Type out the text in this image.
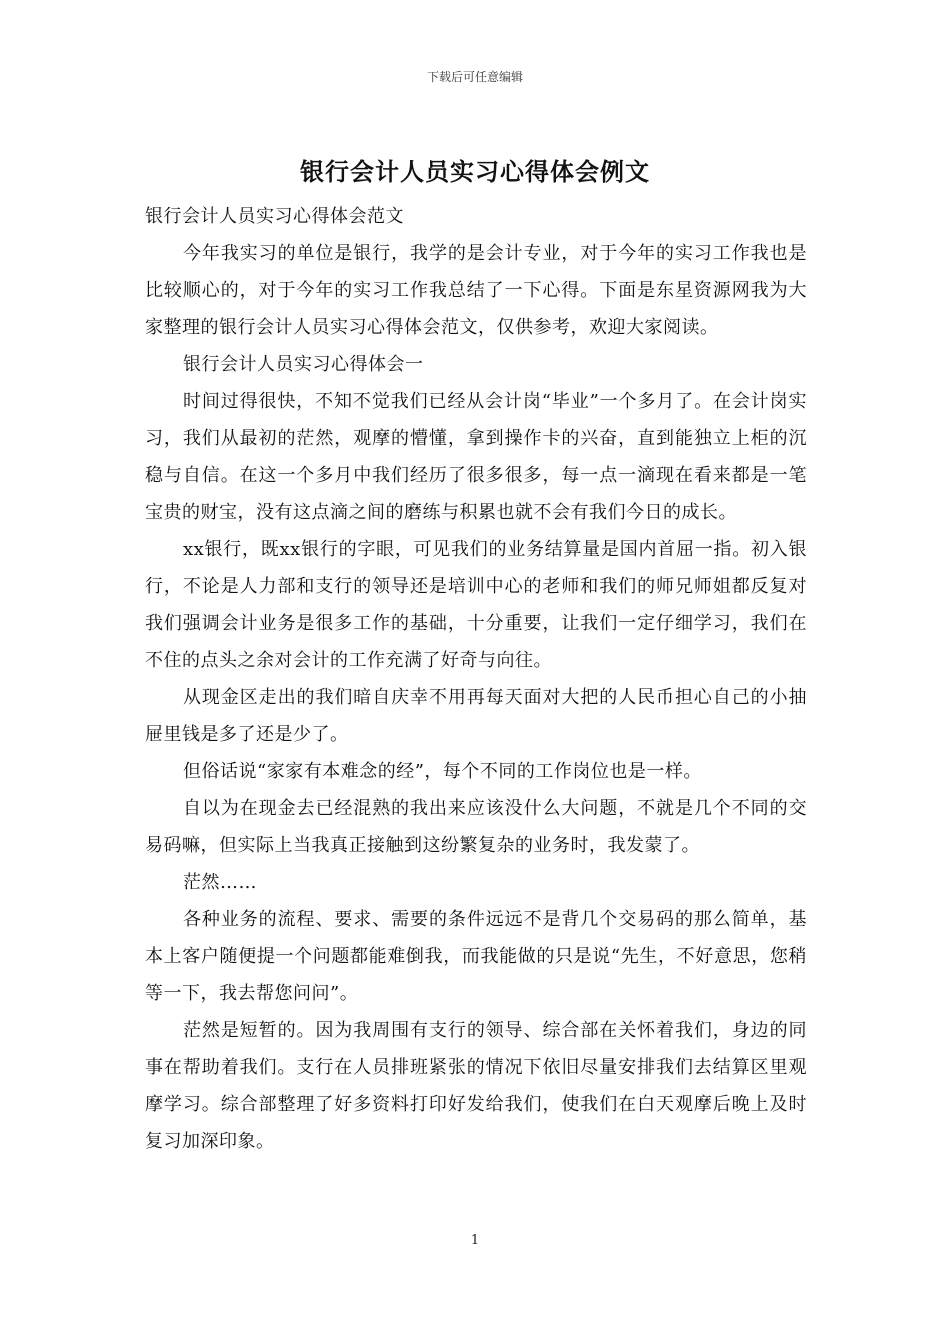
下载后可任意编辑
银行会计人员实习心得体会例文

银行会计人员实习心得体会范文

今年我实习的单位是银行，我学的是会计专业，对于今年的实习工作我也是比较顺心的，对于今年的实习工作我总结了一下心得。下面是东星资源网我为大家整理的银行会计人员实习心得体会范文，仅供参考，欢迎大家阅读。

银行会计人员实习心得体会一

时间过得很快，不知不觉我们已经从会计岗“毕业”一个多月了。在会计岗实习，我们从最初的茫然，观摩的懵懂，拿到操作卡的兴奋，直到能独立上柜的沉稳与自信。在这一个多月中我们经历了很多很多，每一点一滴现在看来都是一笔宝贵的财宝，没有这点滴之间的磨练与积累也就不会有我们今日的成长。

xx银行，既xx银行的字眼，可见我们的业务结算量是国内首屈一指。初入银行，不论是人力部和支行的领导还是培训中心的老师和我们的师兄师姐都反复对我们强调会计业务是很多工作的基础，十分重要，让我们一定仔细学习，我们在不住的点头之余对会计的工作充满了好奇与向往。

从现金区走出的我们暗自庆幸不用再每天面对大把的人民币担心自己的小抽屉里钱是多了还是少了。

但俗话说“家家有本难念的经”，每个不同的工作岗位也是一样。

自以为在现金去已经混熟的我出来应该没什么大问题，不就是几个不同的交易码嘛，但实际上当我真正接触到这纷繁复杂的业务时，我发蒙了。

茫然……

各种业务的流程、要求、需要的条件远远不是背几个交易码的那么简单，基本上客户随便提一个问题都能难倒我，而我能做的只是说“先生，不好意思，您稍等一下，我去帮您问问”。

茫然是短暂的。因为我周围有支行的领导、综合部在关怀着我们，身边的同事在帮助着我们。支行在人员排班紧张的情况下依旧尽量安排我们去结算区里观摩学习。综合部整理了好多资料打印好发给我们，使我们在白天观摩后晚上及时复习加深印象。

1
